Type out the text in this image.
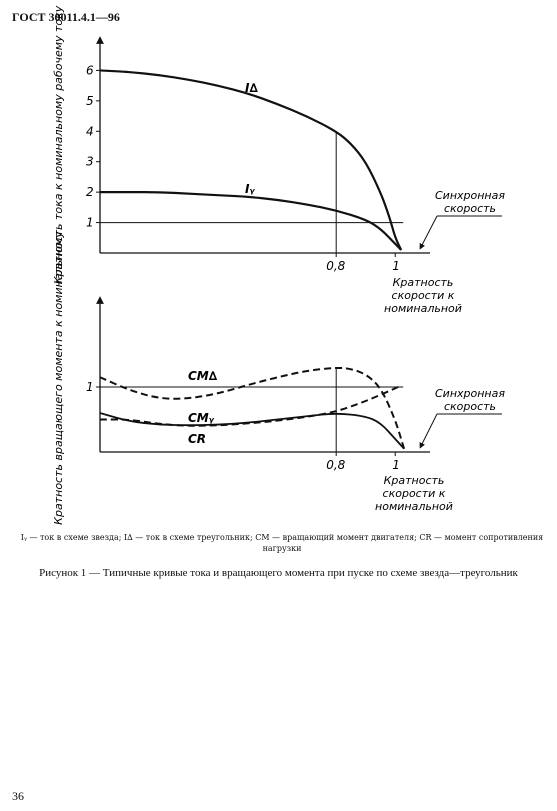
ГОСТ 30011.4.1—96
1
2
3
4
5
6
0,8	1
I∆
Iᵧ
Кратность тока к номинальному рабочему току	Кратность скорости к номинальной
Синхронная скорость
1
0,8	1
CM∆
CMᵧ
CR
Кратность вращающего момента к номинальному	Кратность скорости к номинальной
Синхронная скорость
Iᵧ — ток в схеме звезда; I∆ — ток в схеме треугольник; CM — вращающий момент двигателя; CR — момент сопротивления нагрузки
Рисунок 1 — Типичные кривые тока и вращающего момента при пуске по схеме звезда—треугольник
36
